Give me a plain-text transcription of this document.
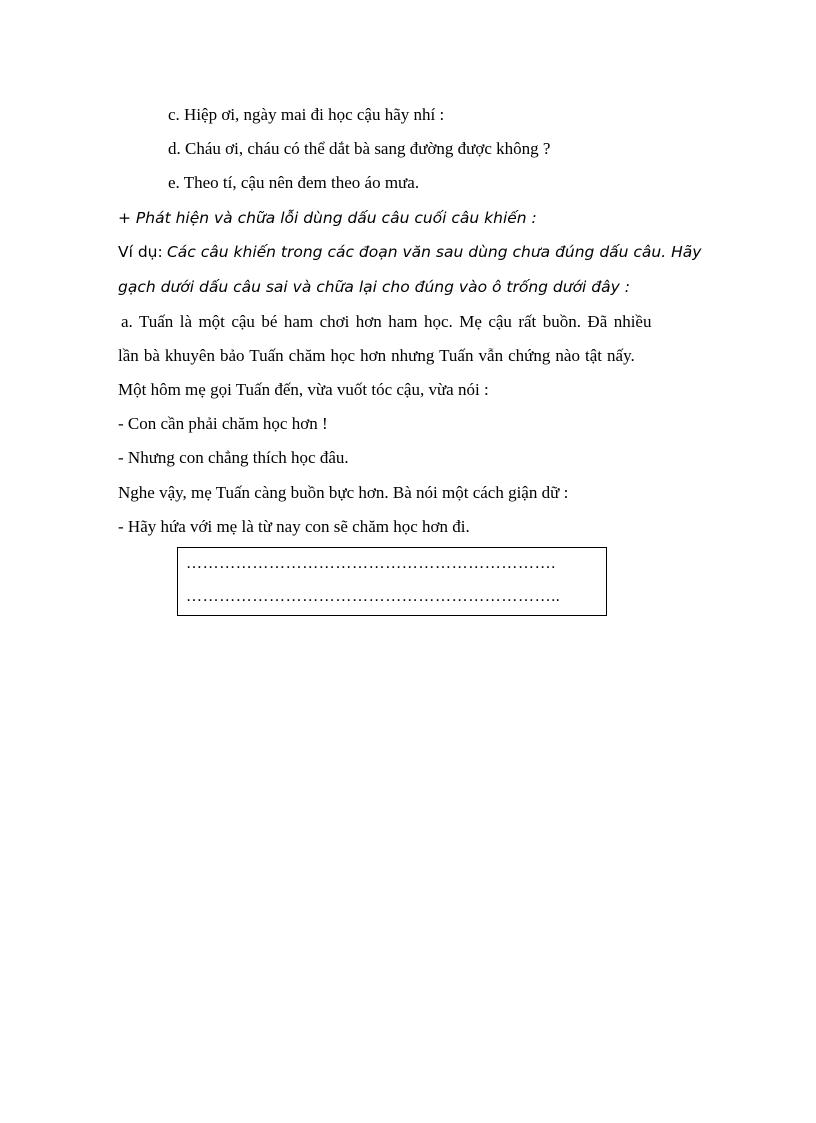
c. Hiệp ơi, ngày mai đi học cậu hãy nhí :
d. Cháu ơi, cháu có thể dắt bà sang đường được không ?
e. Theo tí, cậu nên đem theo áo mưa.
+ Phát hiện và chữa lỗi dùng dấu câu cuối câu khiến :
Ví dụ: Các câu khiến trong các đoạn văn sau dùng chưa đúng dấu câu. Hãy
gạch dưới dấu câu sai và chữa lại cho đúng vào ô trống dưới đây :
a. Tuấn là một cậu bé ham chơi hơn ham học. Mẹ cậu rất buồn. Đã nhiều
lần bà khuyên bảo Tuấn chăm học hơn nhưng Tuấn vẫn chứng nào tật nấy.
Một hôm mẹ gọi Tuấn đến, vừa vuốt tóc cậu, vừa nói :
- Con cần phải chăm học hơn !
- Nhưng con chẳng thích học đâu.
Nghe vậy, mẹ Tuấn càng buồn bực hơn. Bà nói một cách giận dữ :
- Hãy hứa với mẹ là từ nay con sẽ chăm học hơn đi.
………………………………………………………….
…………………………………………………………..
